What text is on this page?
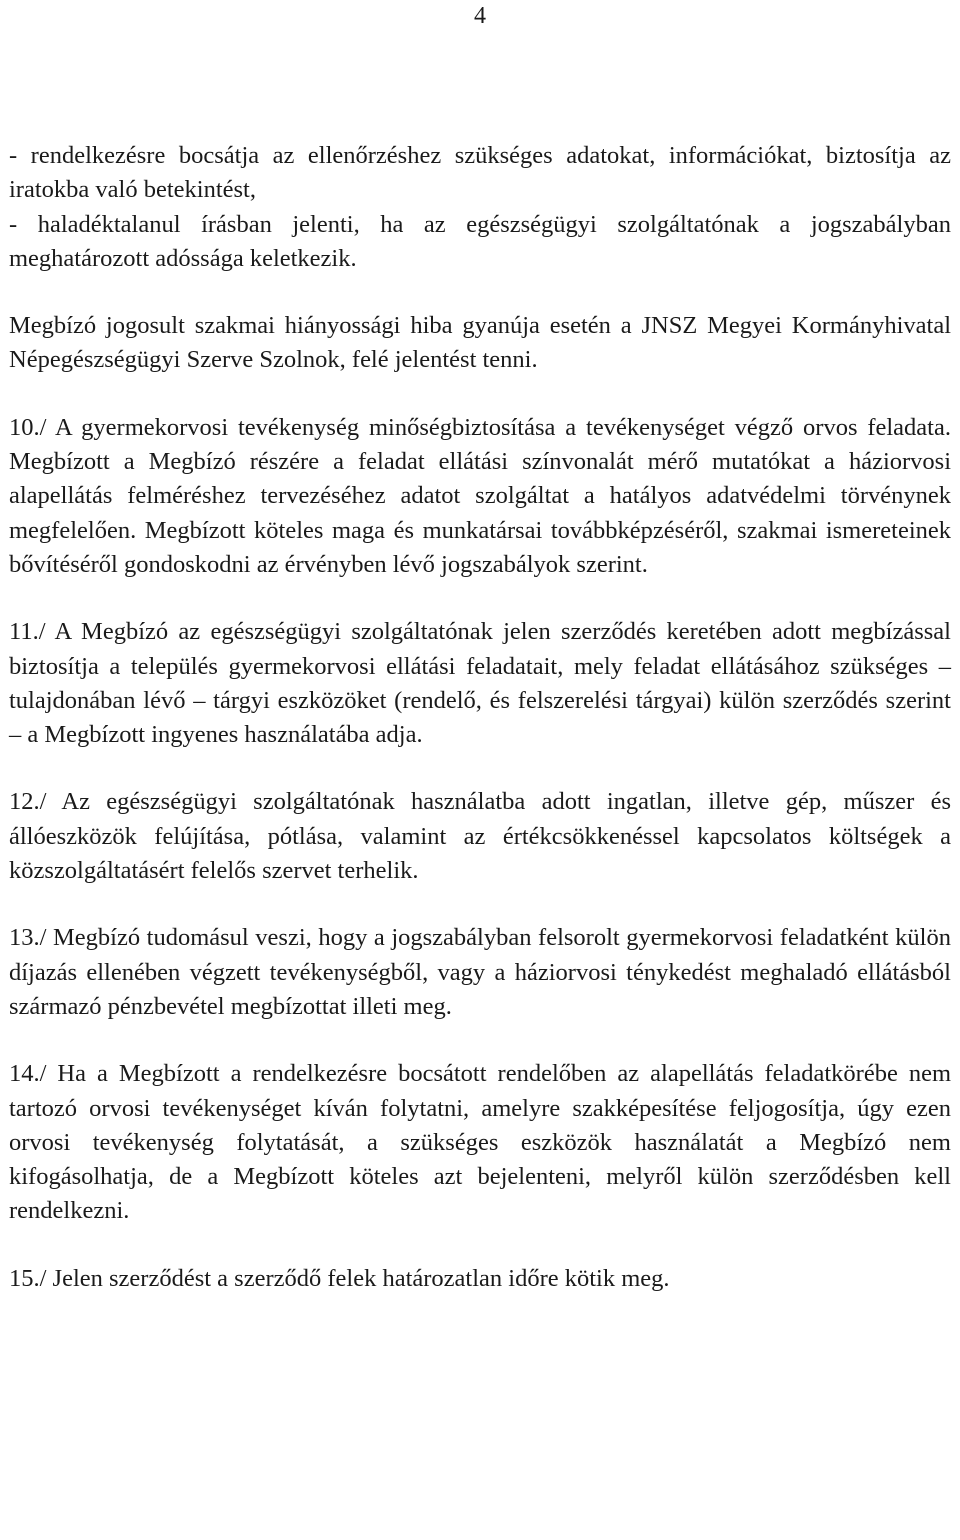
4

- rendelkezésre bocsátja az ellenőrzéshez szükséges adatokat, információkat, biztosítja az iratokba való betekintést,

- haladéktalanul írásban jelenti, ha az egészségügyi szolgáltatónak a jogszabályban meghatározott adóssága keletkezik.

Megbízó jogosult szakmai hiányossági hiba gyanúja esetén a JNSZ Megyei Kormányhivatal Népegészségügyi Szerve Szolnok, felé jelentést tenni.

10./ A gyermekorvosi tevékenység minőségbiztosítása a tevékenységet végző orvos feladata. Megbízott a Megbízó részére a feladat ellátási színvonalát mérő mutatókat a háziorvosi alapellátás felméréshez tervezéséhez adatot szolgáltat a hatályos adatvédelmi törvénynek megfelelően. Megbízott köteles maga és munkatársai továbbképzéséről, szakmai ismereteinek bővítéséről gondoskodni az érvényben lévő jogszabályok szerint.

11./ A Megbízó az egészségügyi szolgáltatónak jelen szerződés keretében adott megbízással biztosítja a település gyermekorvosi ellátási feladatait, mely feladat ellátásához szükséges – tulajdonában lévő – tárgyi eszközöket (rendelő, és felszerelési tárgyai) külön szerződés szerint – a Megbízott ingyenes használatába adja.

12./ Az egészségügyi szolgáltatónak használatba adott ingatlan, illetve gép, műszer és állóeszközök felújítása, pótlása, valamint az értékcsökkenéssel kapcsolatos költségek a közszolgáltatásért felelős szervet terhelik.

13./ Megbízó tudomásul veszi, hogy a jogszabályban felsorolt gyermekorvosi feladatként külön díjazás ellenében végzett tevékenységből, vagy a háziorvosi ténykedést meghaladó ellátásból származó pénzbevétel megbízottat illeti meg.

14./ Ha a Megbízott a rendelkezésre bocsátott rendelőben az alapellátás feladatkörébe nem tartozó orvosi tevékenységet kíván folytatni, amelyre szakképesítése feljogosítja, úgy ezen orvosi tevékenység folytatását, a szükséges eszközök használatát a Megbízó nem kifogásolhatja, de a Megbízott köteles azt bejelenteni, melyről külön szerződésben kell rendelkezni.

15./ Jelen szerződést a szerződő felek határozatlan időre kötik meg.
